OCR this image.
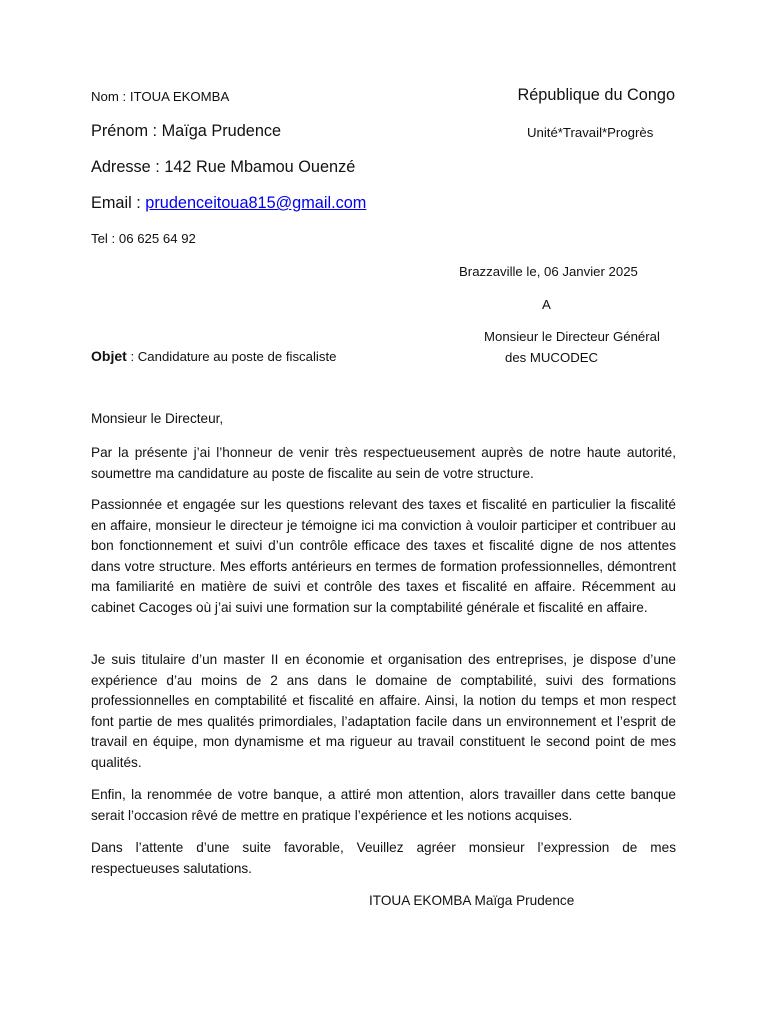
Nom : ITOUA EKOMBA
Prénom : Maïga Prudence
Adresse : 142 Rue Mbamou Ouenzé
Email : prudenceitoua815@gmail.com
Tel : 06 625 64 92
République du Congo
Unité*Travail*Progrès
Brazzaville le, 06 Janvier 2025
A
Monsieur le Directeur Général
des MUCODEC
Objet : Candidature au poste de fiscaliste
Monsieur le Directeur,

Par la présente j’ai l’honneur de venir très respectueusement auprès de notre haute autorité, soumettre ma candidature au poste de fiscalite au sein de votre structure.

Passionnée et engagée sur les questions relevant des taxes et fiscalité en particulier la fiscalité en affaire, monsieur le directeur je témoigne ici ma conviction à vouloir participer et contribuer au bon fonctionnement et suivi d’un contrôle efficace des taxes et fiscalité digne de nos attentes dans votre structure. Mes efforts antérieurs en termes de formation professionnelles, démontrent ma familiarité en matière de suivi et contrôle des taxes et fiscalité en affaire. Récemment au cabinet Cacoges où j’ai suivi une formation sur la comptabilité générale et fiscalité en affaire.

Je suis titulaire d’un master II en économie et organisation des entreprises, je dispose d’une expérience d’au moins de 2 ans dans le domaine de comptabilité, suivi des formations professionnelles en comptabilité et fiscalité en affaire. Ainsi, la notion du temps et mon respect font partie de mes qualités primordiales, l’adaptation facile dans un environnement et l’esprit de travail en équipe, mon dynamisme et ma rigueur au travail constituent le second point de mes qualités.

Enfin, la renommée de votre banque, a attiré mon attention, alors travailler dans cette banque serait l’occasion rêvé de mettre en pratique l’expérience et les notions acquises.

Dans l’attente d’une suite favorable, Veuillez agréer monsieur l’expression de mes respectueuses salutations.

ITOUA EKOMBA Maïga Prudence
